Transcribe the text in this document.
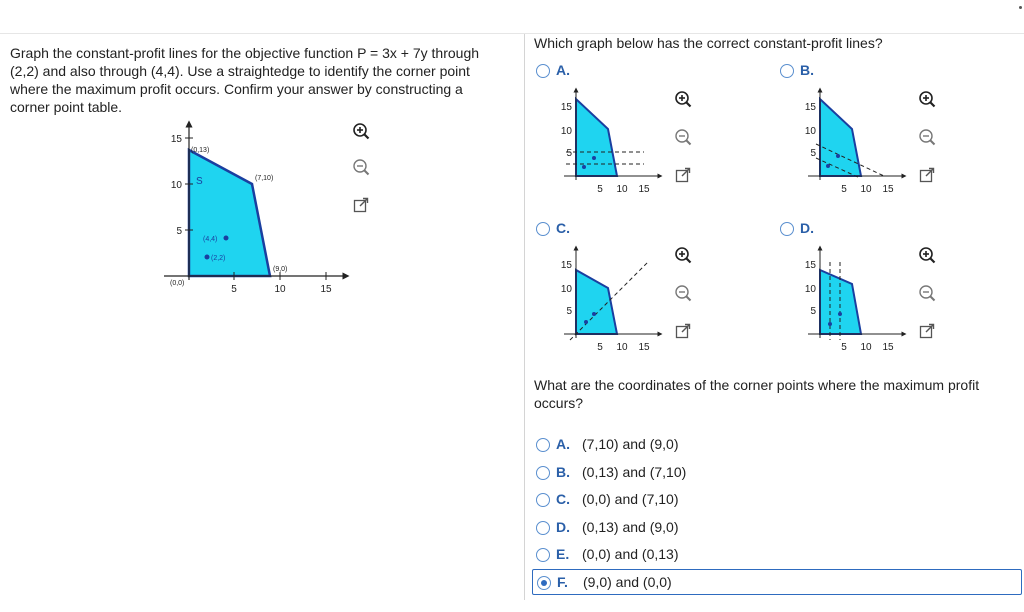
Graph the constant-profit lines for the objective function P = 3x + 7y through (2,2) and also through (4,4). Use a straightedge to identify the corner point where the maximum profit occurs. Confirm your answer by constructing a corner point table.
15
10
5
5	10	15
S
(0,13)
(7,10)
(4,4)
(2,2)
(9,0)
(0,0)
Which graph below has the correct constant-profit lines?
A.
15
10
5
5 10 15
B.
15
10
5
5 10 15
C.
15
10
5
5 10 15
D.
15
10
5
5 10 15
What are the coordinates of the corner points where the maximum profit occurs?
A. (7,10) and (9,0)
B. (0,13) and (7,10)
C. (0,0) and (7,10)
D. (0,13) and (9,0)
E. (0,0) and (0,13)
F. (9,0) and (0,0)
